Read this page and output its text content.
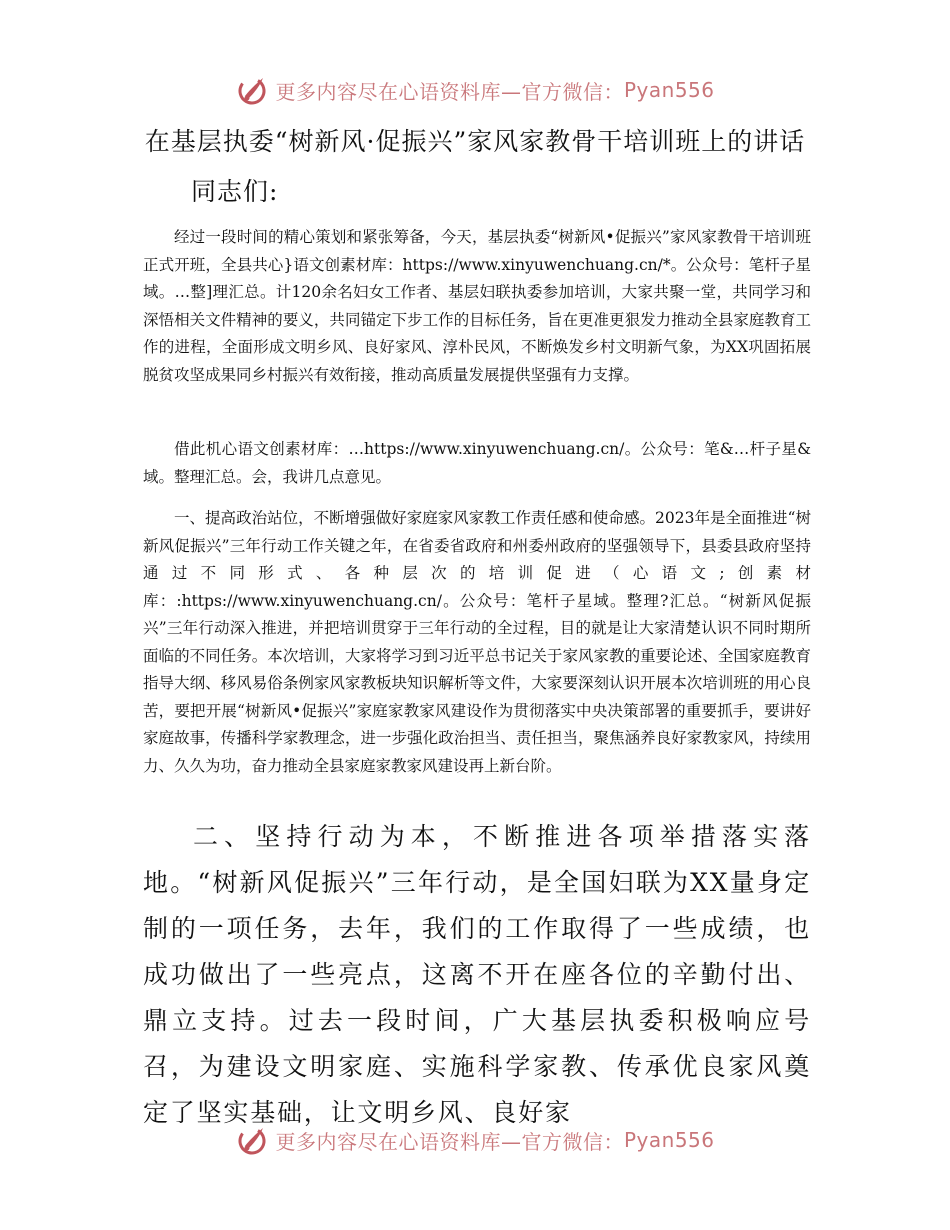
更多内容尽在心语资料库—官方微信： Pyan556
在基层执委“树新风·促振兴”家风家教骨干培训班上的讲话

同志们:

经过一段时间的精心策划和紧张筹备，今天，基层执委“树新风•促振兴”家风家教骨干培训班正式开班，全县共心}语文创素材库：https://www.xinyuwenchuang.cn/*。公众号：笔杆子星域。…整]理汇总。计120余名妇女工作者、基层妇联执委参加培训，大家共聚一堂，共同学习和深悟相关文件精神的要义，共同锚定下步工作的目标任务，旨在更准更狠发力推动全县家庭教育工作的进程，全面形成文明乡风、良好家风、淳朴民风，不断焕发乡村文明新气象，为XX巩固拓展脱贫攻坚成果同乡村振兴有效衔接，推动高质量发展提供坚强有力支撑。

借此机心语文创素材库：…https://www.xinyuwenchuang.cn/。公众号：笔&…杆子星&域。整理汇总。会，我讲几点意见。

一、提高政治站位，不断增强做好家庭家风家教工作责任感和使命感。2023年是全面推进“树新风促振兴”三年行动工作关键之年，在省委省政府和州委州政府的坚强领导下，县委县政府坚持通过不同形式、各种层次的培训促进（心语文;创素材库：:https://www.xinyuwenchuang.cn/。公众号：笔杆子星域。整理?汇总。“树新风促振兴”三年行动深入推进，并把培训贯穿于三年行动的全过程，目的就是让大家清楚认识不同时期所面临的不同任务。本次培训，大家将学习到习近平总书记关于家风家教的重要论述、全国家庭教育指导大纲、移风易俗条例家风家教板块知识解析等文件，大家要深刻认识开展本次培训班的用心良苦，要把开展“树新风•促振兴”家庭家教家风建设作为贯彻落实中央决策部署的重要抓手，要讲好家庭故事，传播科学家教理念，进一步强化政治担当、责任担当，聚焦涵养良好家教家风，持续用力、久久为功，奋力推动全县家庭家教家风建设再上新台阶。

二、坚持行动为本，不断推进各项举措落实落地。“树新风促振兴”三年行动，是全国妇联为XX量身定制的一项任务，去年，我们的工作取得了一些成绩，也成功做出了一些亮点，这离不开在座各位的辛勤付出、鼎立支持。过去一段时间，广大基层执委积极响应号召，为建设文明家庭、实施科学家教、传承优良家风奠定了坚实基础，让文明乡风、良好家

更多内容尽在心语资料库—官方微信： Pyan556
